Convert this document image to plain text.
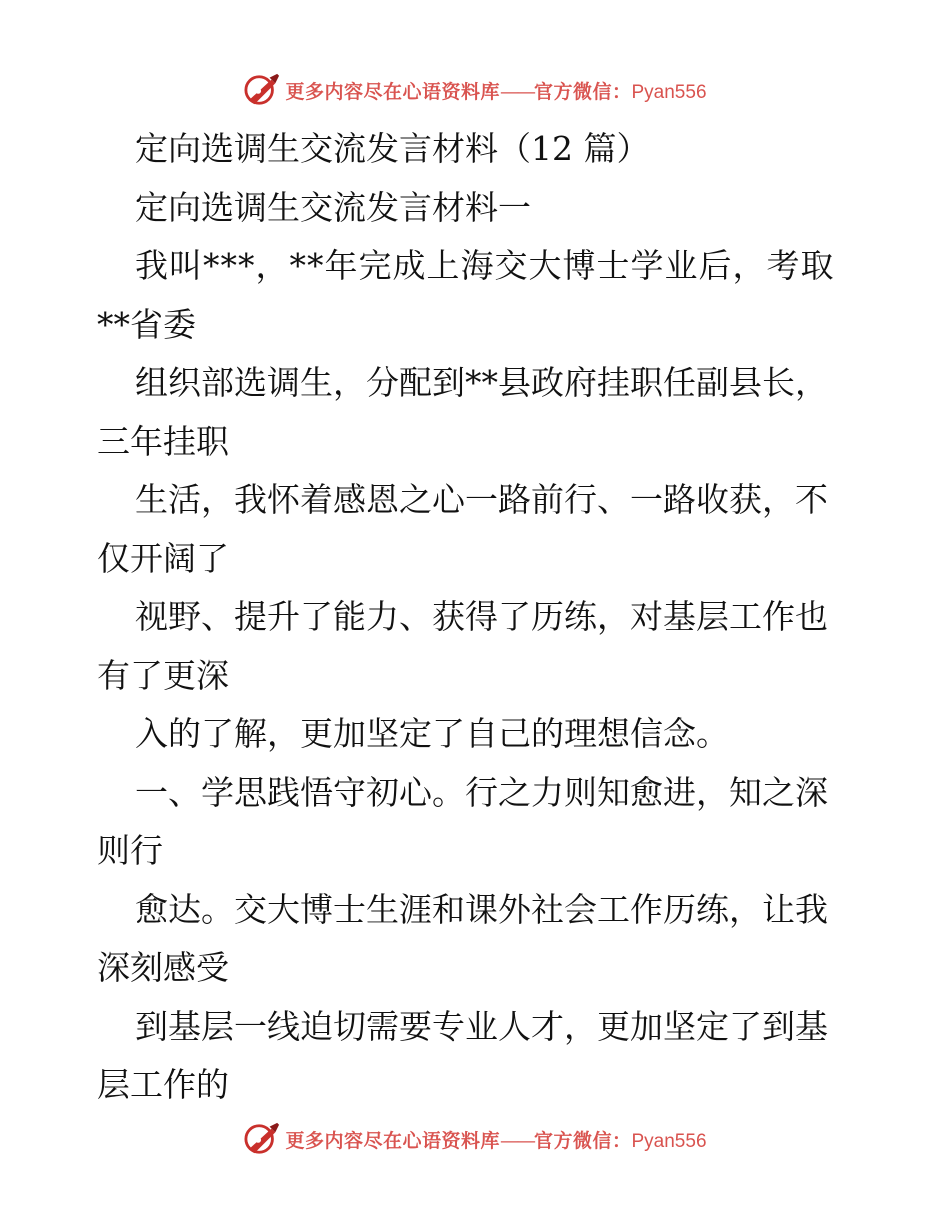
更多内容尽在心语资料库——官方微信：Pyan556

定向选调生交流发言材料（12 篇）

定向选调生交流发言材料一

我叫***，**年完成上海交大博士学业后，考取

**省委

组织部选调生，分配到**县政府挂职任副县长，

三年挂职

生活，我怀着感恩之心一路前行、一路收获，不

仅开阔了

视野、提升了能力、获得了历练，对基层工作也

有了更深

入的了解，更加坚定了自己的理想信念。

一、学思践悟守初心。行之力则知愈进，知之深

则行

愈达。交大博士生涯和课外社会工作历练，让我

深刻感受

到基层一线迫切需要专业人才，更加坚定了到基

层工作的

更多内容尽在心语资料库——官方微信：Pyan556
